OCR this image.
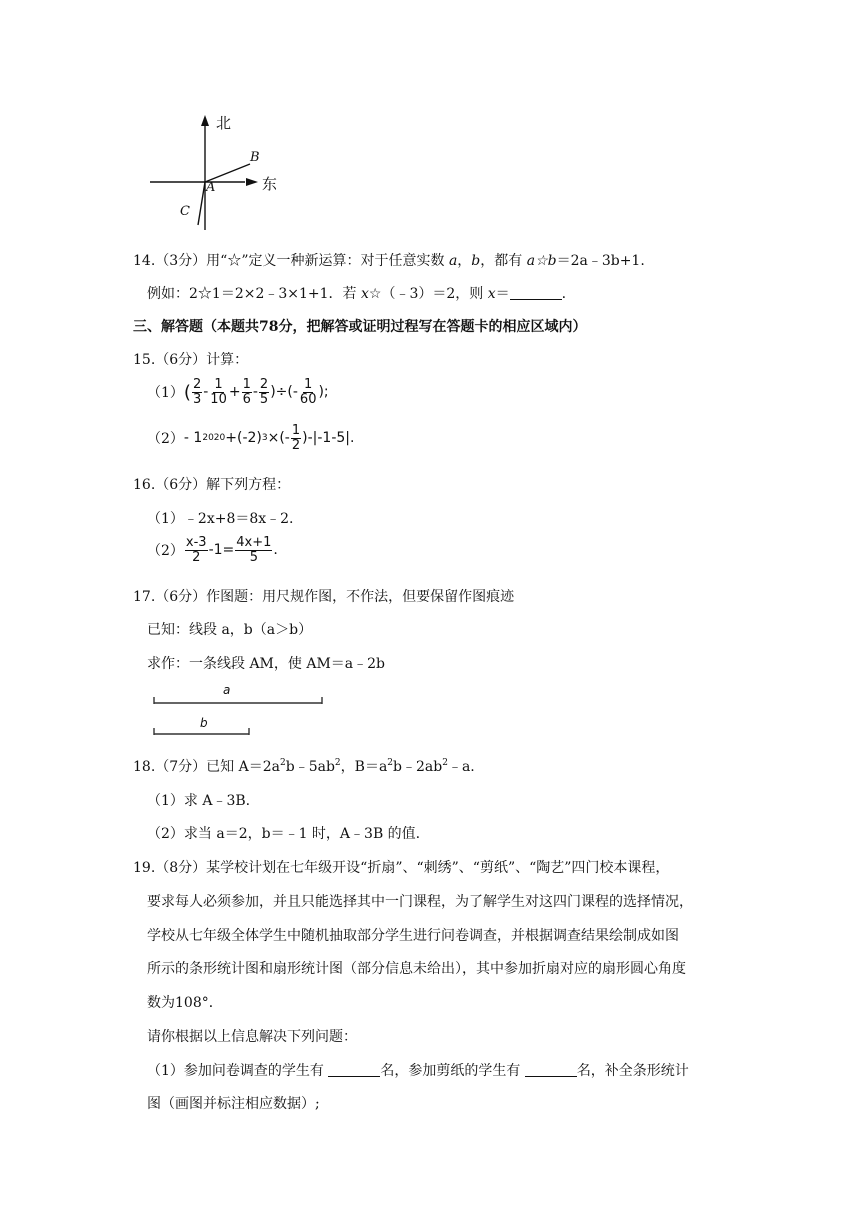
北
东
A
B
C
14.（3分）用“☆”定义一种新运算：对于任意实数 a，b，都有 a☆b＝2a﹣3b+1.
例如：2☆1＝2×2﹣3×1+1．若 x☆（﹣3）＝2，则 x＝	.
三、解答题（本题共78分，把解答或证明过程写在答题卡的相应区域内）
15.（6分）计算：
（1） ( $\frac{2}{3} - \frac{1}{10} + \frac{1}{6} - \frac{2}{5}$ )÷(- $\frac{1}{60}$ );
（2） - 1 2020 +(-2) 3 ×(- $\frac{1}{2} )-|-1-5|$.
16.（6分）解下列方程：
（1）﹣2x+8＝8x﹣2.
$(2) \frac{x-3}{2} -1= \frac{4x+1}{5}$ .
17.（6分）作图题：用尺规作图，不作法，但要保留作图痕迹
已知：线段 a，b（a＞b）
求作：一条线段 AM，使 AM＝a﹣2b
a
b
18.（7分）已知 $A=2a^2b﹣5ab^2$，$B=a^2b﹣2ab^2﹣a$.
（1）求 A﹣3B.
（2）求当 a＝2，b＝﹣1 时，A﹣3B 的值.
19.（8分）某学校计划在七年级开设“折扇”、“刺绣”、“剪纸”、“陶艺”四门校本课程，
要求每人必须参加，并且只能选择其中一门课程，为了解学生对这四门课程的选择情况，
学校从七年级全体学生中随机抽取部分学生进行问卷调查，并根据调查结果绘制成如图
所示的条形统计图和扇形统计图（部分信息未给出），其中参加折扇对应的扇形圆心角度
数为108°．
请你根据以上信息解决下列问题：
（1）参加问卷调查的学生有	名，参加剪纸的学生有	名，补全条形统计
图（画图并标注相应数据）;
